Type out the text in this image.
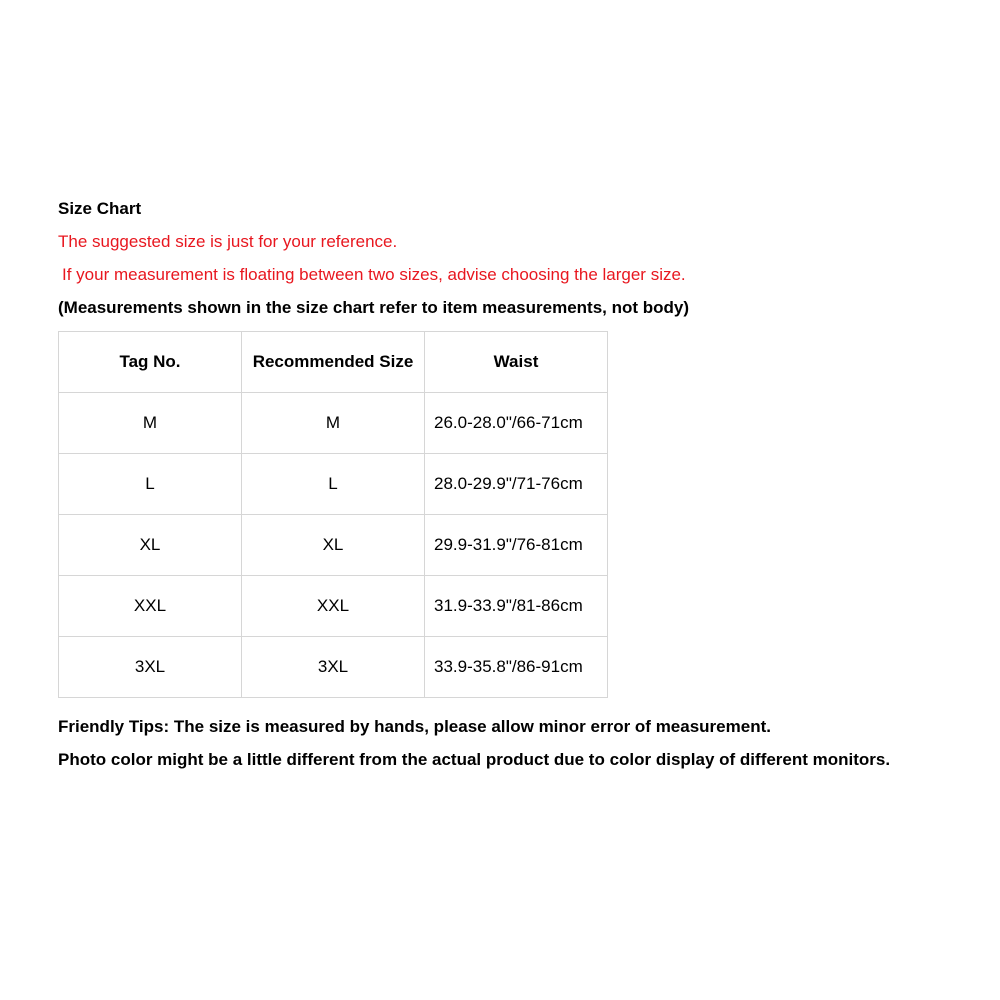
Size Chart
The suggested size is just for your reference.
If your measurement is floating between two sizes, advise choosing the larger size.
(Measurements shown in the size chart refer to item measurements, not body)
Tag No.	Recommended Size	Waist
M	M	26.0-28.0"/66-71cm
L	L	28.0-29.9"/71-76cm
XL	XL	29.9-31.9"/76-81cm
XXL	XXL	31.9-33.9"/81-86cm
3XL	3XL	33.9-35.8"/86-91cm
Friendly Tips: The size is measured by hands, please allow minor error of measurement.
Photo color might be a little different from the actual product due to color display of different monitors.
